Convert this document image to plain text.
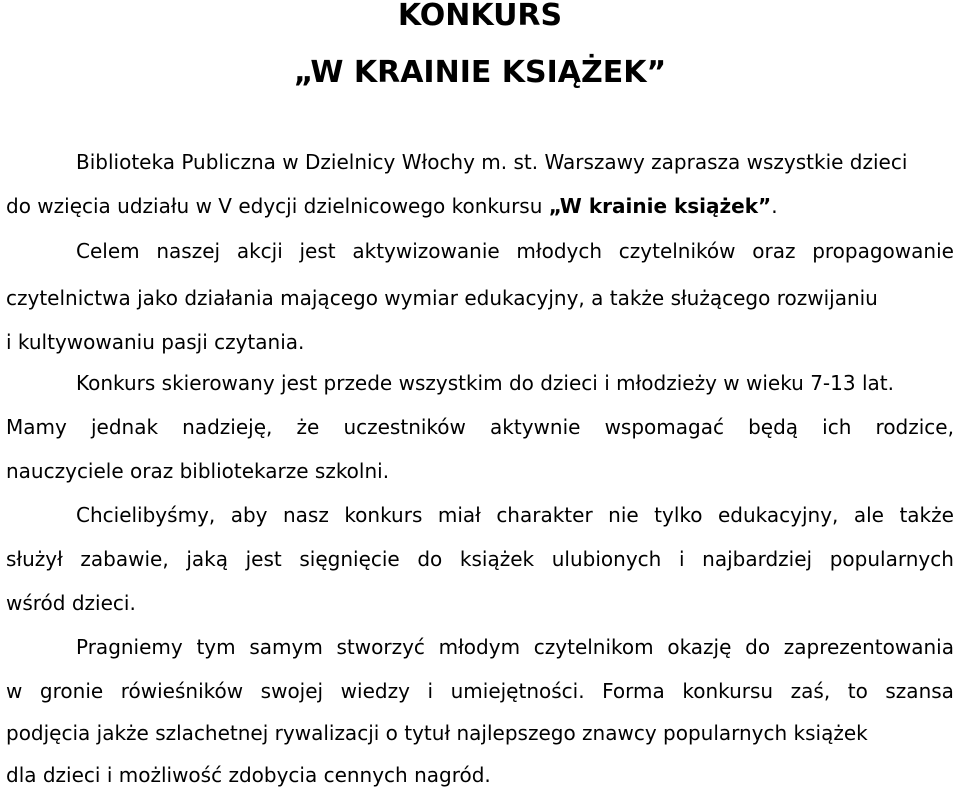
KONKURS
„W KRAINIE KSIĄŻEK”
Biblioteka Publiczna w Dzielnicy Włochy m. st. Warszawy zaprasza wszystkie dzieci
do wzięcia udziału w V edycji dzielnicowego konkursu „W krainie książek”.
Celem naszej akcji jest aktywizowanie młodych czytelników oraz propagowanie
czytelnictwa jako działania mającego wymiar edukacyjny, a także służącego rozwijaniu
i kultywowaniu pasji czytania.
Konkurs skierowany jest przede wszystkim do dzieci i młodzieży w wieku 7-13 lat.
Mamy jednak nadzieję, że uczestników aktywnie wspomagać będą ich rodzice,
nauczyciele oraz bibliotekarze szkolni.
Chcielibyśmy, aby nasz konkurs miał charakter nie tylko edukacyjny, ale także
służył zabawie, jaką jest sięgnięcie do książek ulubionych i najbardziej popularnych
wśród dzieci.
Pragniemy tym samym stworzyć młodym czytelnikom okazję do zaprezentowania
w gronie rówieśników swojej wiedzy i umiejętności. Forma konkursu zaś, to szansa
podjęcia jakże szlachetnej rywalizacji o tytuł najlepszego znawcy popularnych książek
dla dzieci i możliwość zdobycia cennych nagród.
